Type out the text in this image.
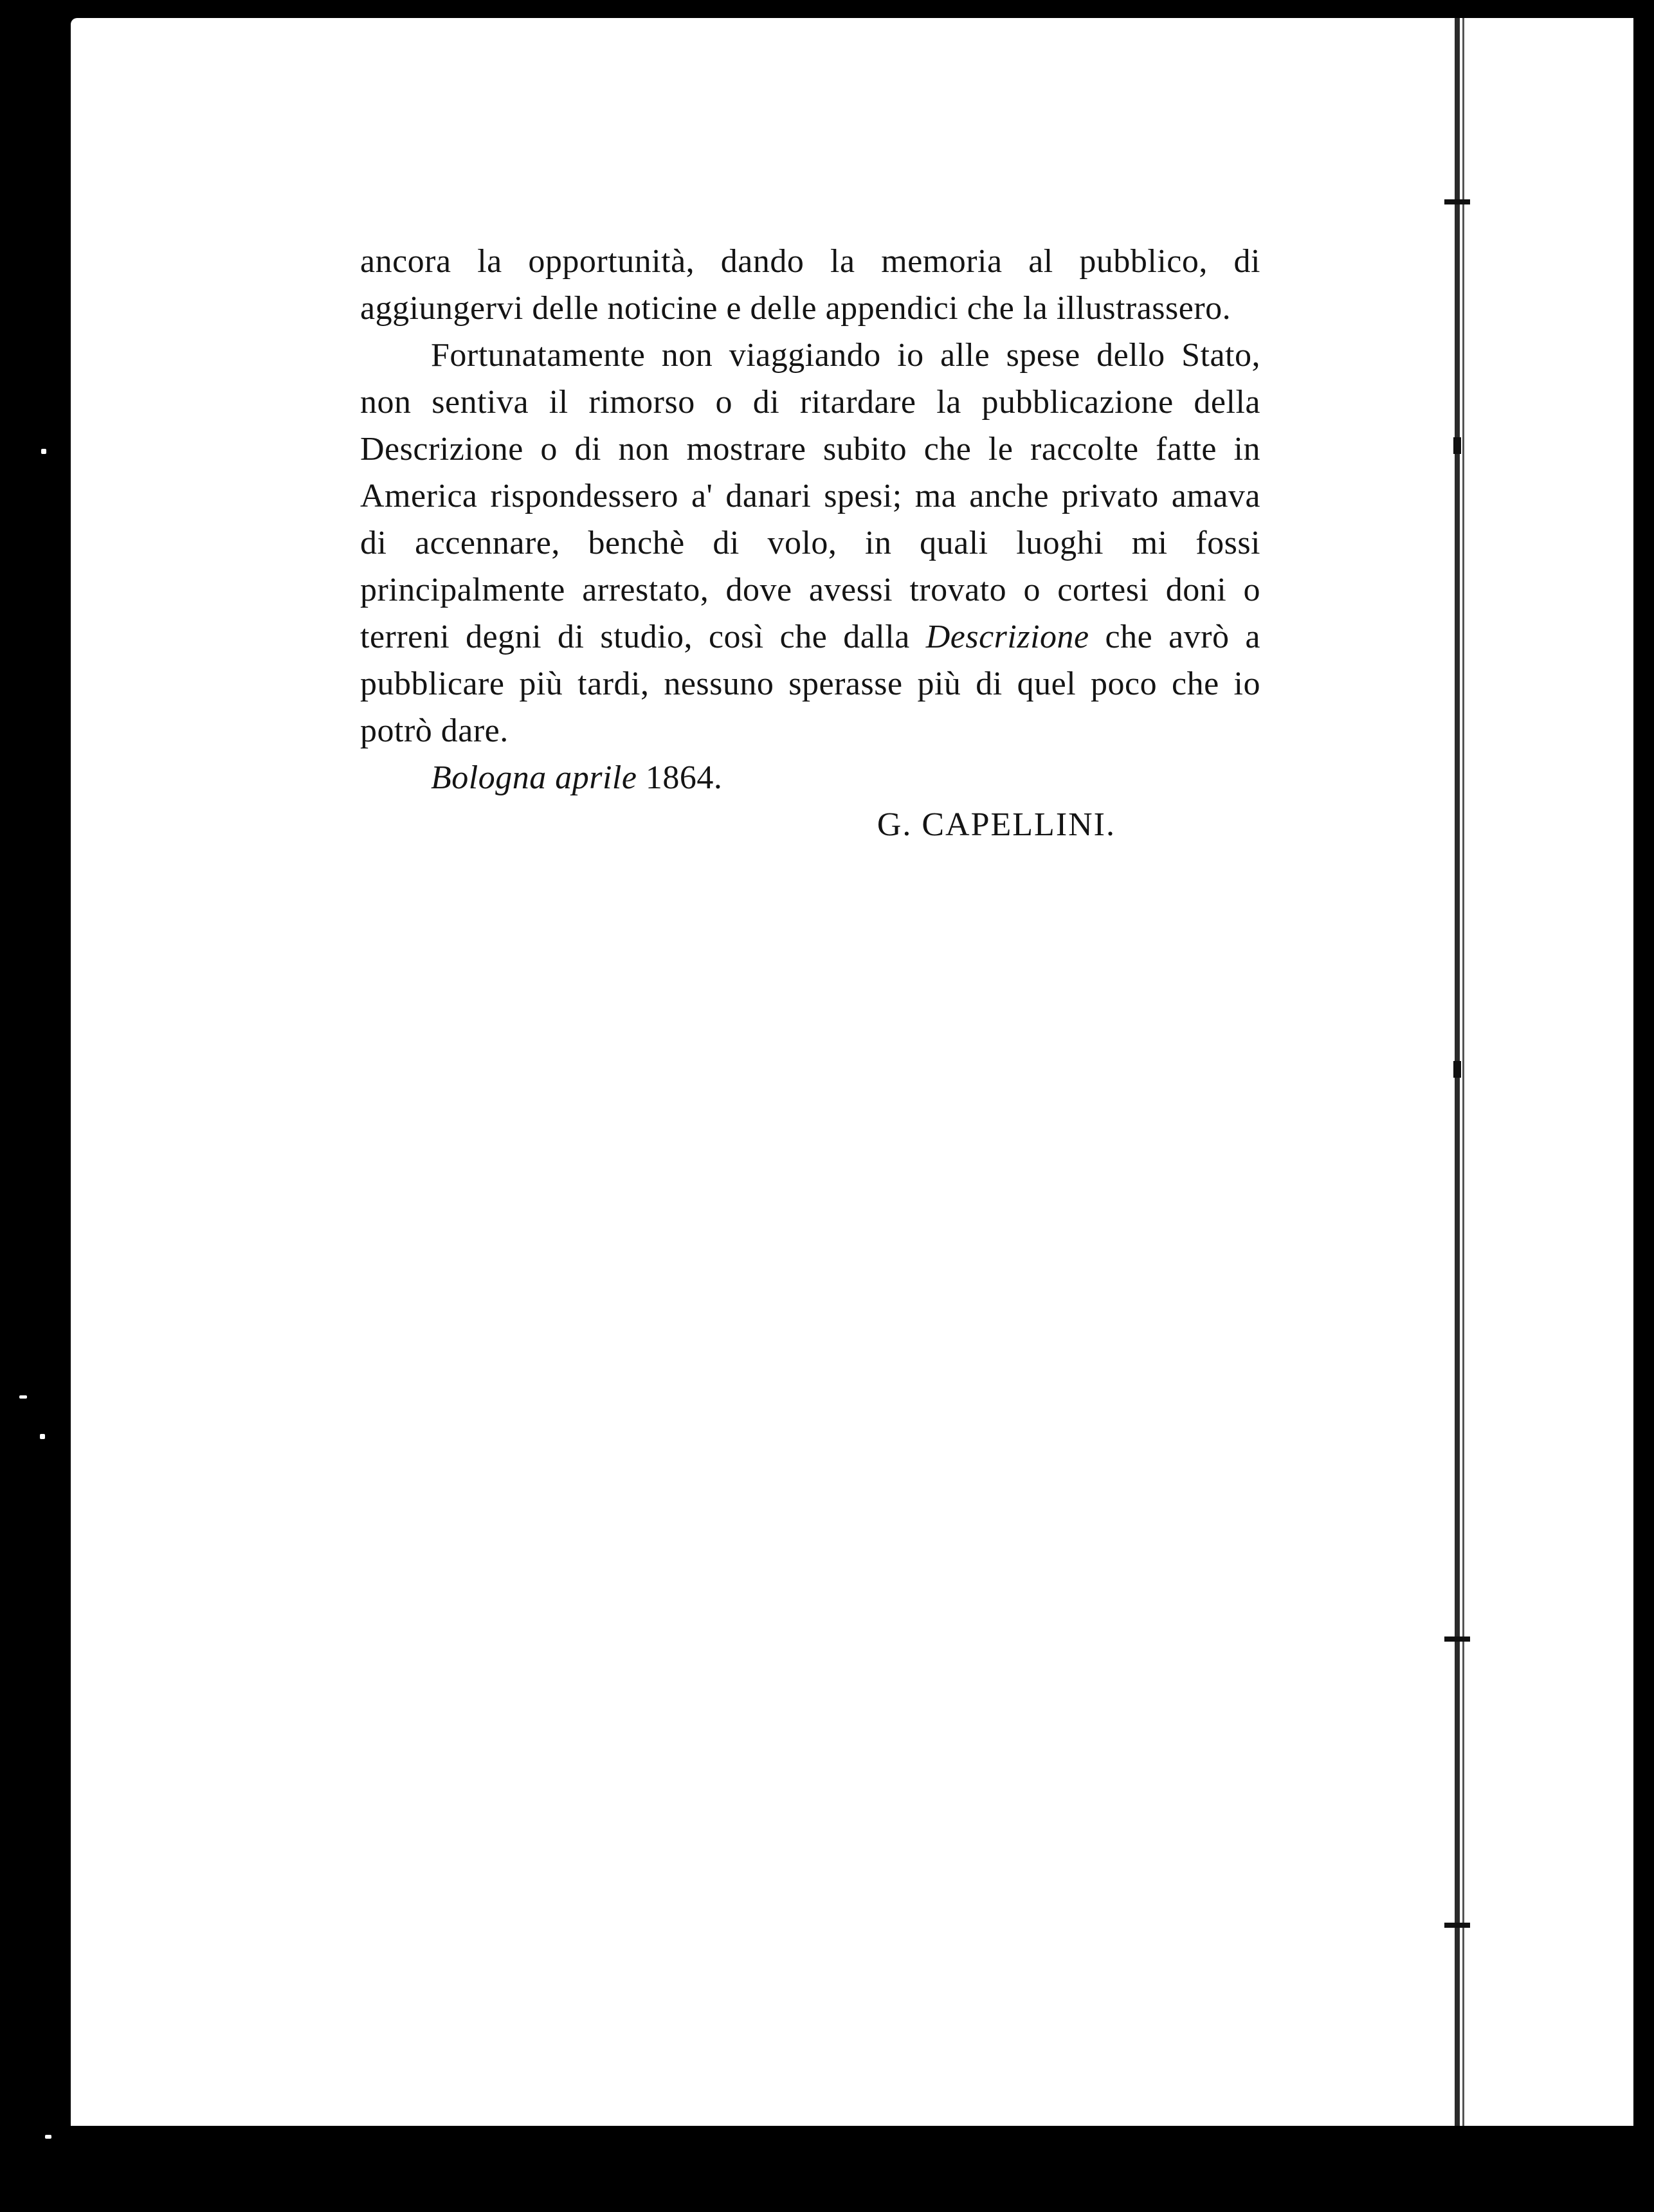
ancora la opportunità, dando la memoria al pubblico, di aggiungervi delle noticine e delle appendici che la illustrassero.

Fortunatamente non viaggiando io alle spese dello Stato, non sentiva il rimorso o di ritardare la pubblicazione della Descrizione o di non mostrare subito che le raccolte fatte in America rispondessero a' danari spesi; ma anche privato amava di accennare, benchè di volo, in quali luoghi mi fossi principalmente arrestato, dove avessi trovato o cortesi doni o terreni degni di studio, così che dalla Descrizione che avrò a pubblicare più tardi, nessuno sperasse più di quel poco che io potrò dare.

Bologna aprile 1864.

G. CAPELLINI.
